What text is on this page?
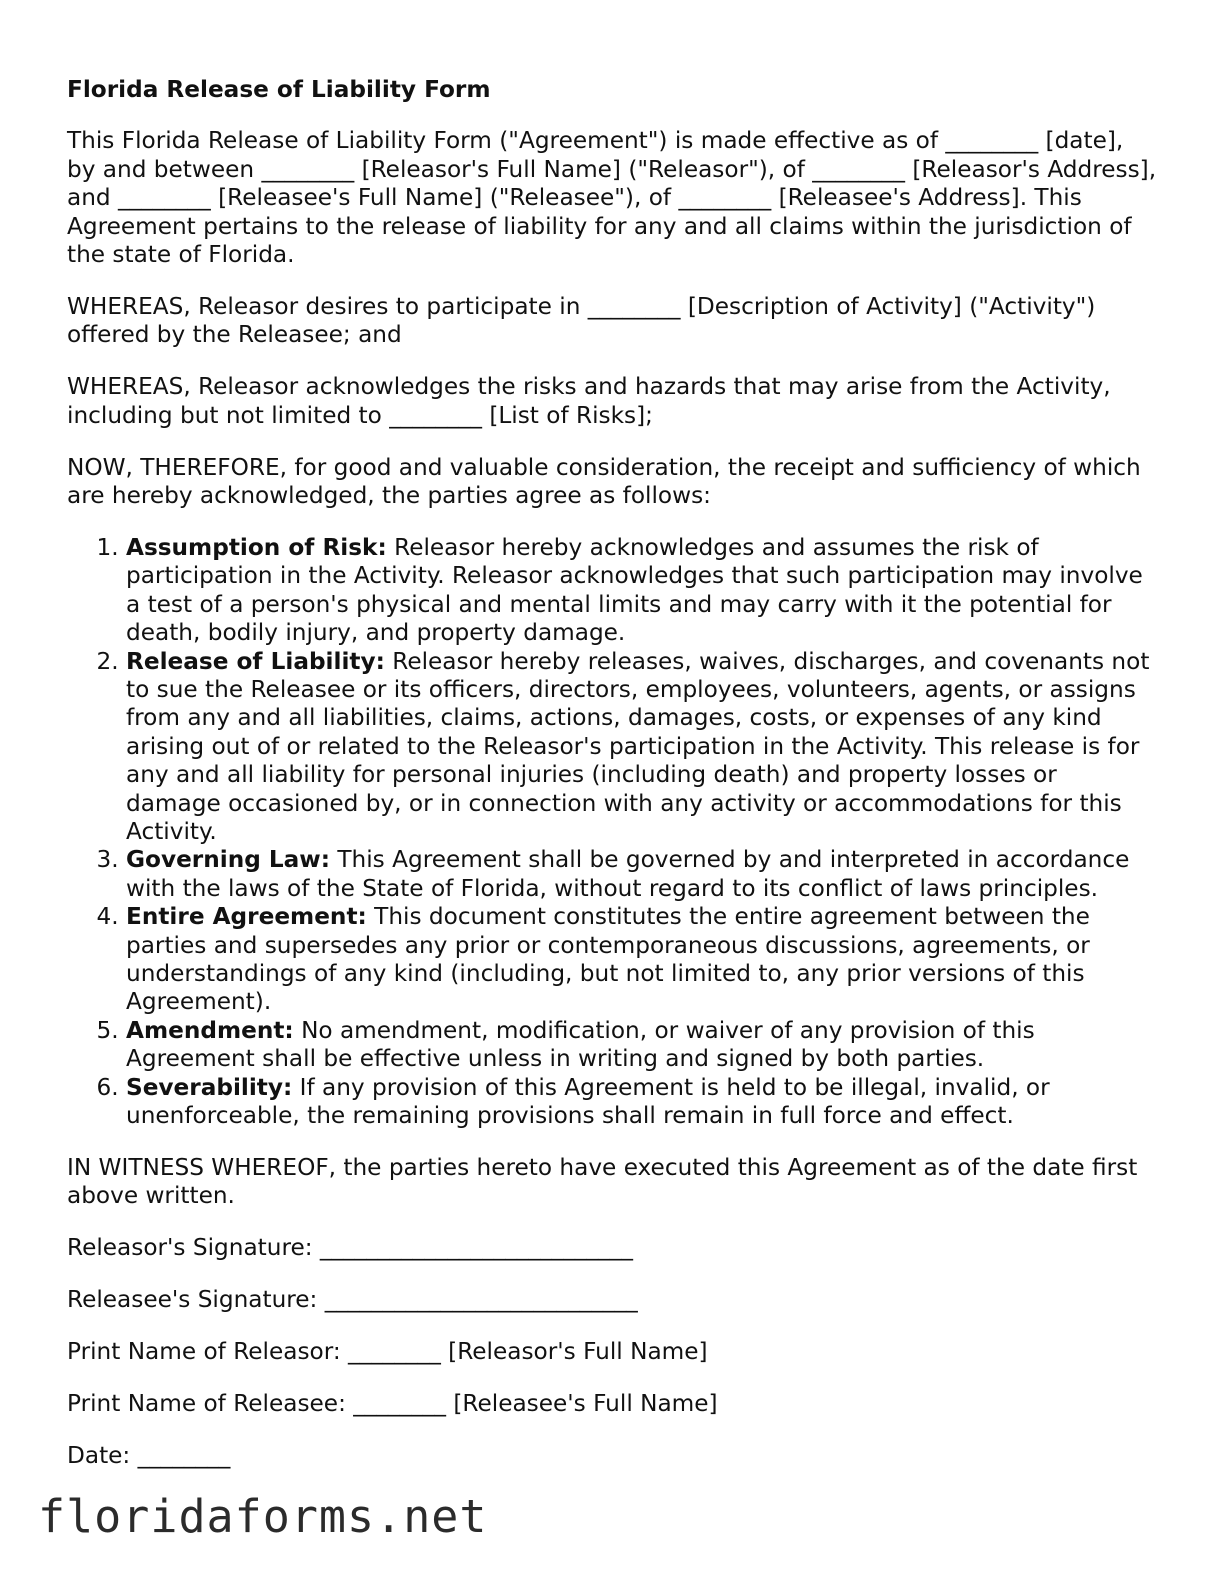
Florida Release of Liability Form

This Florida Release of Liability Form ("Agreement") is made effective as of ________ [date], by and between ________ [Releasor's Full Name] ("Releasor"), of ________ [Releasor's Address], and ________ [Releasee's Full Name] ("Releasee"), of ________ [Releasee's Address]. This Agreement pertains to the release of liability for any and all claims within the jurisdiction of the state of Florida.

WHEREAS, Releasor desires to participate in ________ [Description of Activity] ("Activity") offered by the Releasee; and

WHEREAS, Releasor acknowledges the risks and hazards that may arise from the Activity, including but not limited to ________ [List of Risks];

NOW, THEREFORE, for good and valuable consideration, the receipt and sufficiency of which are hereby acknowledged, the parties agree as follows:

1. Assumption of Risk: Releasor hereby acknowledges and assumes the risk of participation in the Activity. Releasor acknowledges that such participation may involve a test of a person's physical and mental limits and may carry with it the potential for death, bodily injury, and property damage.
2. Release of Liability: Releasor hereby releases, waives, discharges, and covenants not to sue the Releasee or its officers, directors, employees, volunteers, agents, or assigns from any and all liabilities, claims, actions, damages, costs, or expenses of any kind arising out of or related to the Releasor's participation in the Activity. This release is for any and all liability for personal injuries (including death) and property losses or damage occasioned by, or in connection with any activity or accommodations for this Activity.
3. Governing Law: This Agreement shall be governed by and interpreted in accordance with the laws of the State of Florida, without regard to its conflict of laws principles.
4. Entire Agreement: This document constitutes the entire agreement between the parties and supersedes any prior or contemporaneous discussions, agreements, or understandings of any kind (including, but not limited to, any prior versions of this Agreement).
5. Amendment: No amendment, modification, or waiver of any provision of this Agreement shall be effective unless in writing and signed by both parties.
6. Severability: If any provision of this Agreement is held to be illegal, invalid, or unenforceable, the remaining provisions shall remain in full force and effect.

IN WITNESS WHEREOF, the parties hereto have executed this Agreement as of the date first above written.

Releasor's Signature: ___________________________
Releasee's Signature: ___________________________
Print Name of Releasor: ________ [Releasor's Full Name]
Print Name of Releasee: ________ [Releasee's Full Name]
Date: ________
floridaforms.net
